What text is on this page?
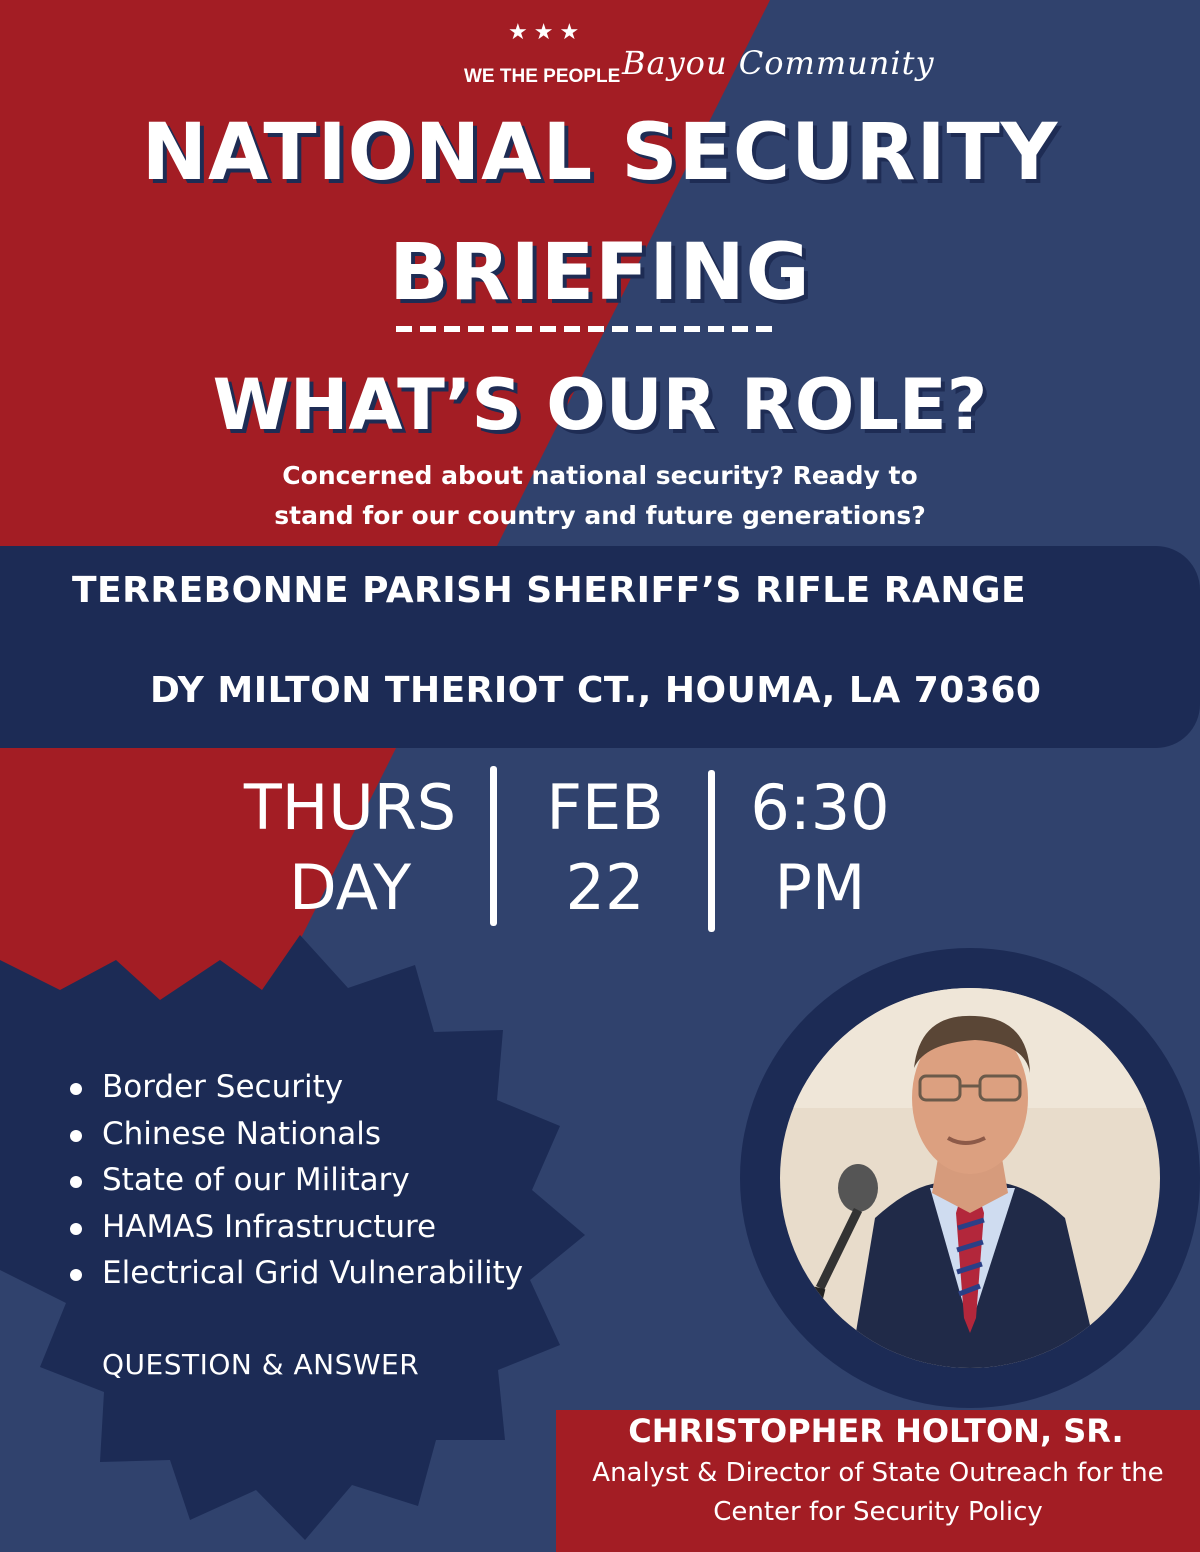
★★★
WE THE PEOPLE Bayou Community
NATIONAL SECURITY
BRIEFING
WHAT’S OUR ROLE?
Concerned about national security? Ready to stand for our country and future generations?
TERREBONNE PARISH SHERIFF’S RIFLE RANGE
DY MILTON THERIOT CT., HOUMA, LA 70360
THURS
DAY
FEB
22
6:30
PM
Border Security
Chinese Nationals
State of our Military
HAMAS Infrastructure
Electrical Grid Vulnerability
QUESTION & ANSWER
CHRISTOPHER HOLTON, SR.
Analyst & Director of State Outreach for the Center for Security Policy
